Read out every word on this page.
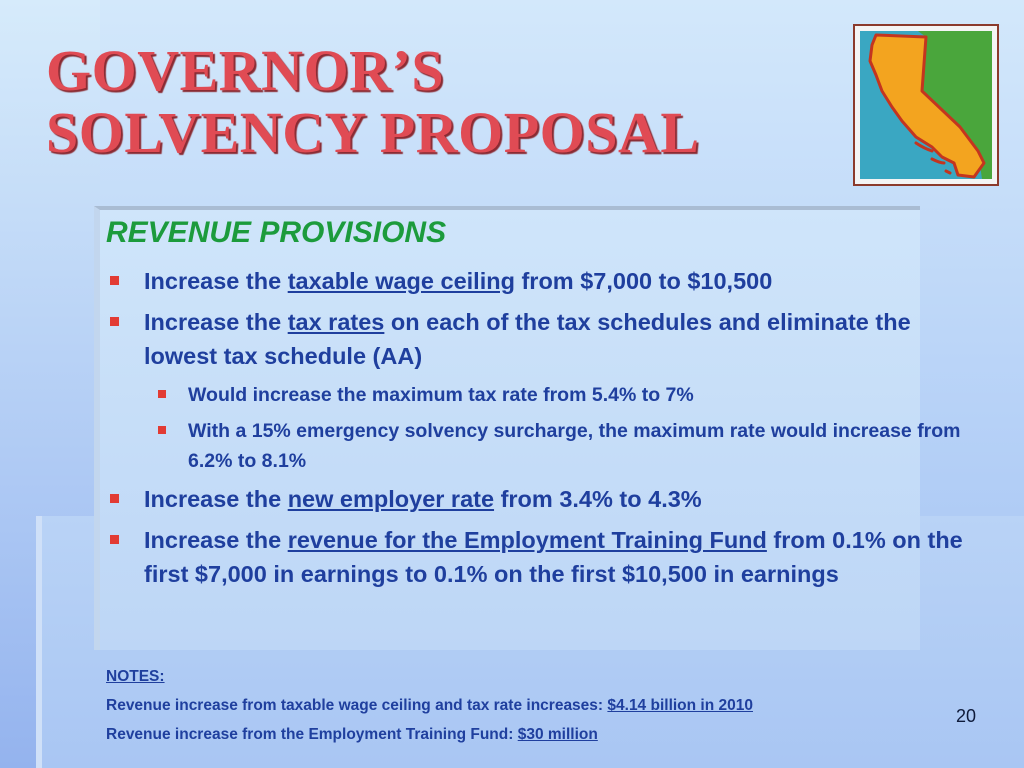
GOVERNOR’S
SOLVENCY PROPOSAL
REVENUE PROVISIONS
Increase the taxable wage ceiling from $7,000 to $10,500
Increase the tax rates on each of the tax schedules and eliminate the lowest tax schedule (AA)
Would increase the maximum tax rate from 5.4% to 7%
With a 15% emergency solvency surcharge, the maximum rate would increase from 6.2% to 8.1%
Increase the new employer rate from 3.4% to 4.3%
Increase the revenue for the Employment Training Fund from 0.1% on the first $7,000 in earnings to 0.1% on the first $10,500 in earnings
NOTES:
Revenue increase from taxable wage ceiling and tax rate increases: $4.14 billion in 2010
Revenue increase from the Employment Training Fund: $30 million
20
